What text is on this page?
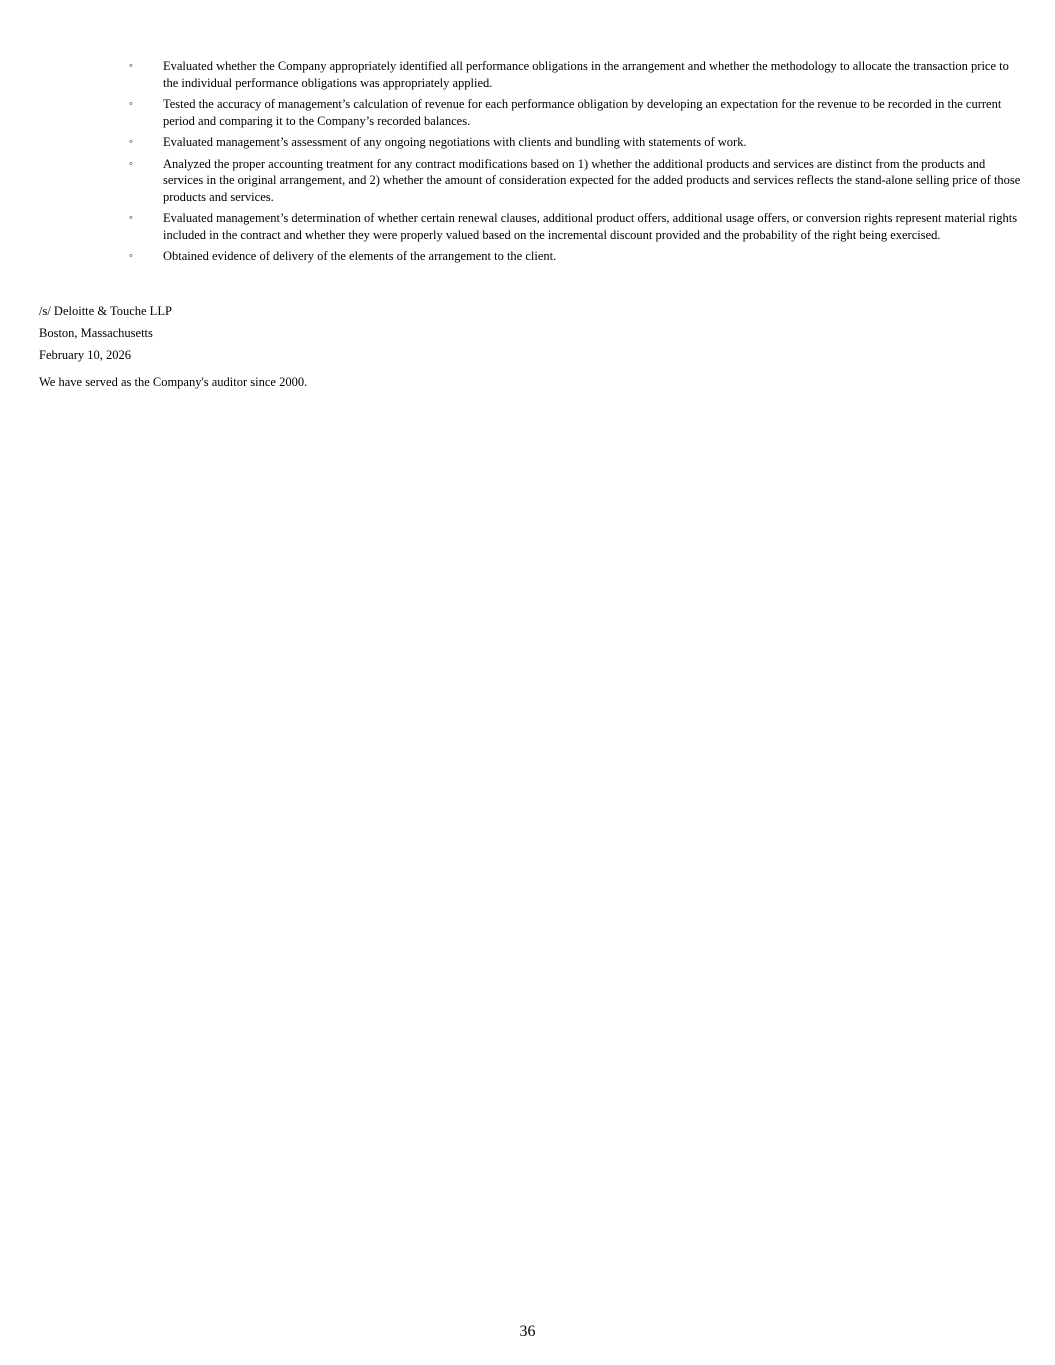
◦	Evaluated whether the Company appropriately identified all performance obligations in the arrangement and whether the methodology to allocate the transaction price to the individual performance obligations was appropriately applied.
◦	Tested the accuracy of management’s calculation of revenue for each performance obligation by developing an expectation for the revenue to be recorded in the current period and comparing it to the Company’s recorded balances.
◦	Evaluated management’s assessment of any ongoing negotiations with clients and bundling with statements of work.
◦	Analyzed the proper accounting treatment for any contract modifications based on 1) whether the additional products and services are distinct from the products and services in the original arrangement, and 2) whether the amount of consideration expected for the added products and services reflects the stand-alone selling price of those products and services.
◦	Evaluated management’s determination of whether certain renewal clauses, additional product offers, additional usage offers, or conversion rights represent material rights included in the contract and whether they were properly valued based on the incremental discount provided and the probability of the right being exercised.
◦	Obtained evidence of delivery of the elements of the arrangement to the client.
/s/ Deloitte & Touche LLP
Boston, Massachusetts
February 10, 2026
We have served as the Company's auditor since 2000.
36
